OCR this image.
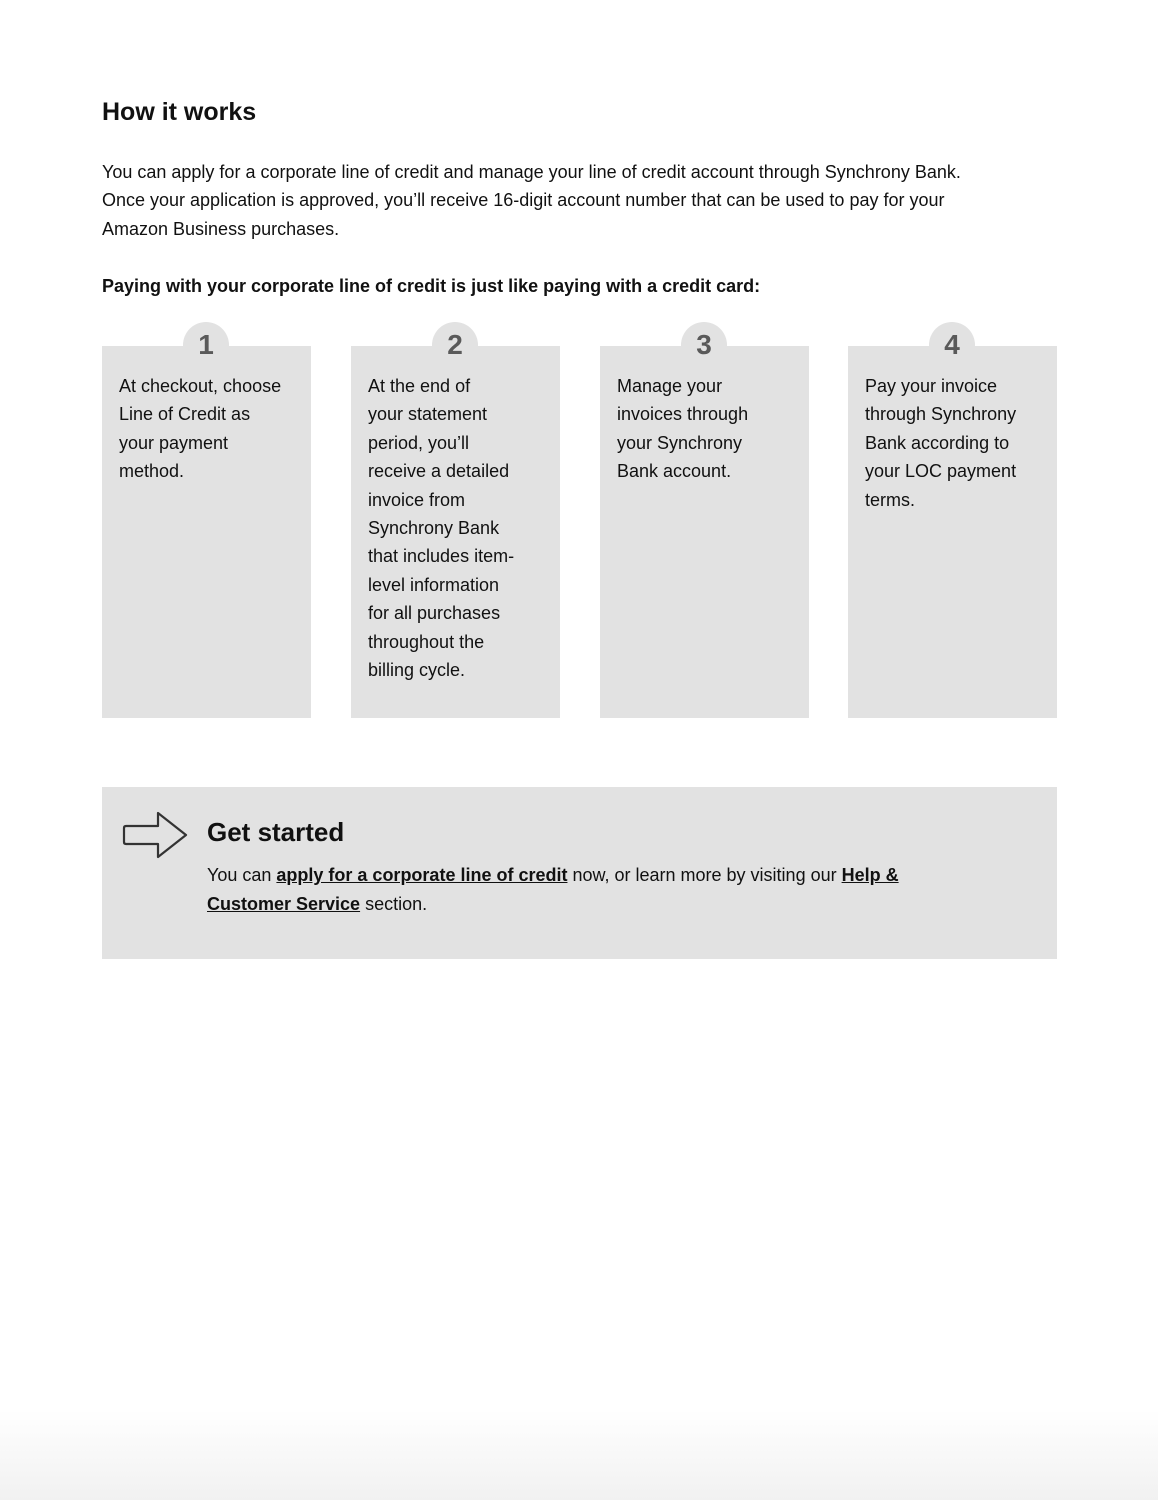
How it works

You can apply for a corporate line of credit and manage your line of credit account through Synchrony Bank.
Once your application is approved, you’ll receive 16-digit account number that can be used to pay for your
Amazon Business purchases.

Paying with your corporate line of credit is just like paying with a credit card:

1

At checkout, choose
Line of Credit as
your payment
method.

2

At the end of
your statement
period, you’ll
receive a detailed
invoice from
Synchrony Bank
that includes item-
level information
for all purchases
throughout the
billing cycle.

3

Manage your
invoices through
your Synchrony
Bank account.

4

Pay your invoice
through Synchrony
Bank according to
your LOC payment
terms.

Get started

You can apply for a corporate line of credit now, or learn more by visiting our Help &
Customer Service section.
